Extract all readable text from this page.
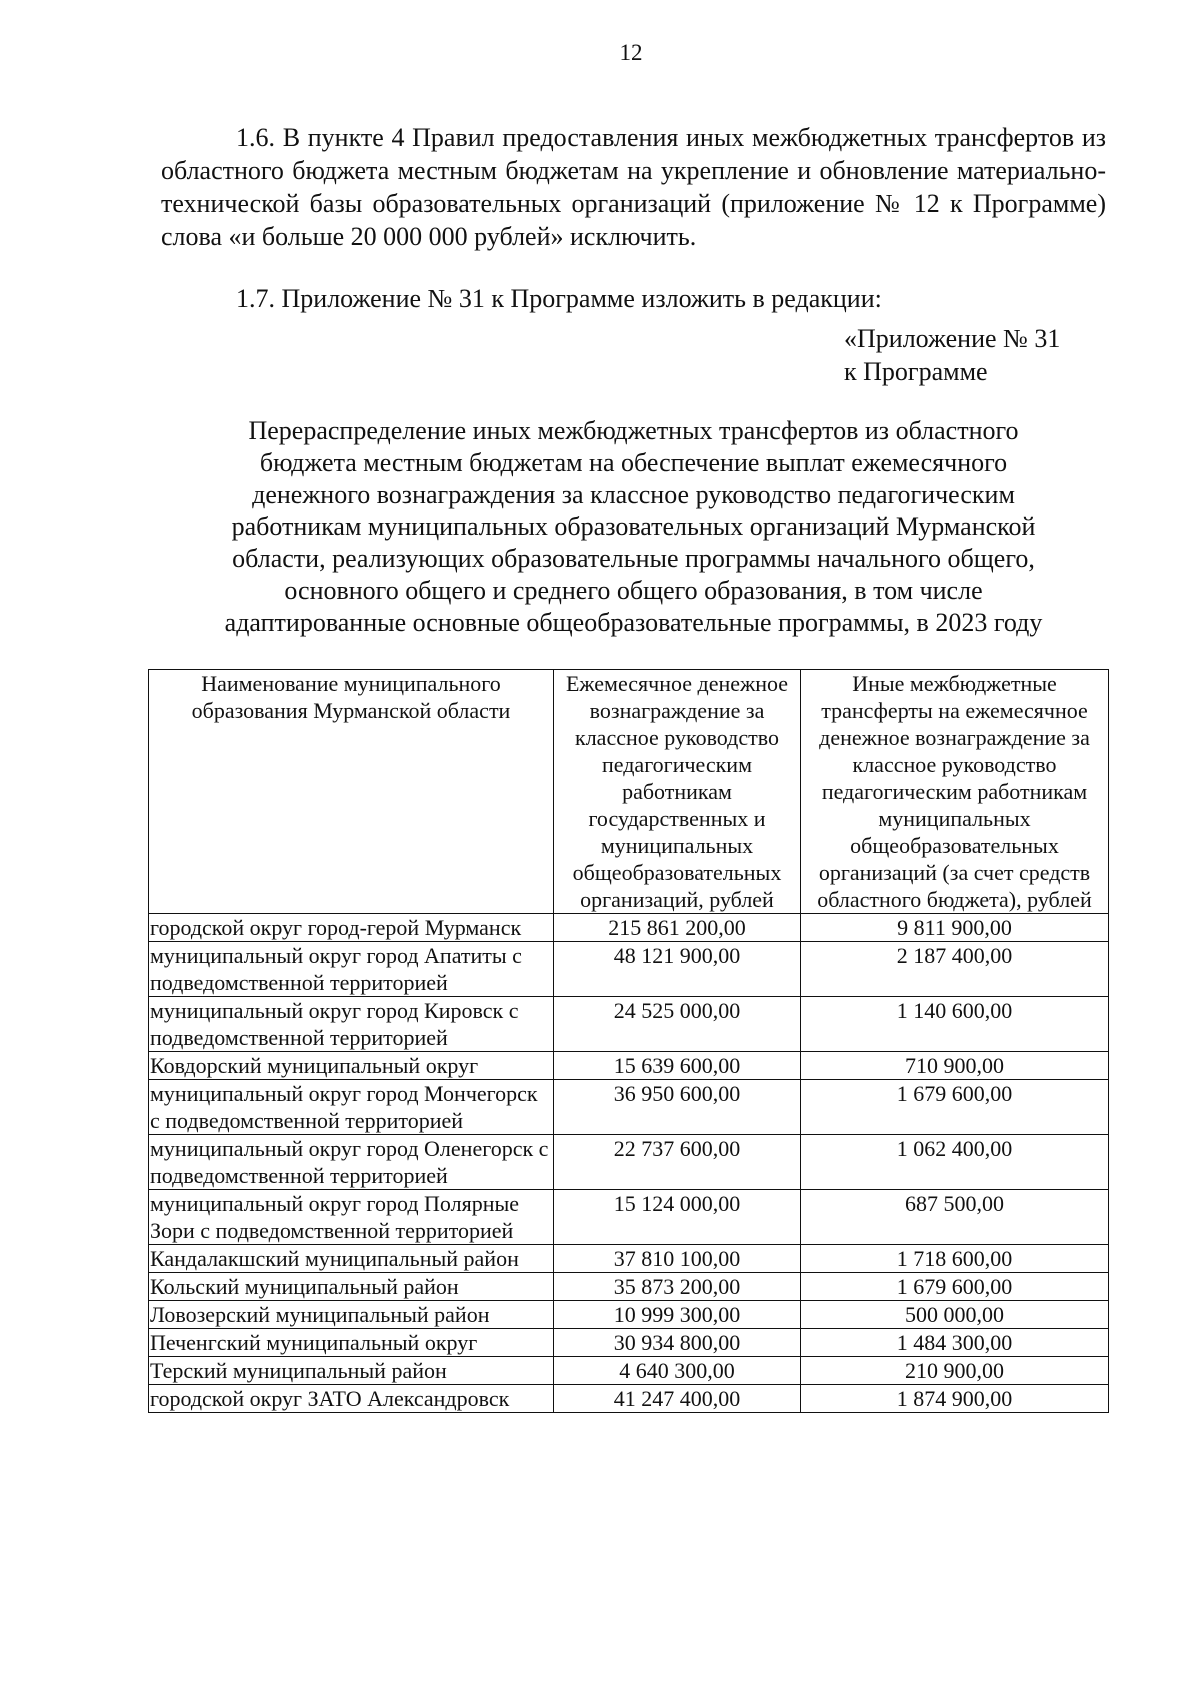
12

1.6. В пункте 4 Правил предоставления иных межбюджетных трансфертов из областного бюджета местным бюджетам на укрепление и обновление материально-технической базы образовательных организаций (приложение № 12 к Программе) слова «и больше 20 000 000 рублей» исключить.

1.7. Приложение № 31 к Программе изложить в редакции:

«Приложение № 31
к Программе
Перераспределение иных межбюджетных трансфертов из областного
бюджета местным бюджетам на обеспечение выплат ежемесячного
денежного вознаграждения за классное руководство педагогическим
работникам муниципальных образовательных организаций Мурманской
области, реализующих образовательные программы начального общего,
основного общего и среднего общего образования, в том числе
адаптированные основные общеобразовательные программы, в 2023 году
Наименование муниципального образования Мурманской области	Ежемесячное денежное вознаграждение за классное руководство педагогическим работникам государственных и муниципальных общеобразовательных организаций, рублей	Иные межбюджетные трансферты на ежемесячное денежное вознаграждение за классное руководство педагогическим работникам муниципальных общеобразовательных организаций (за счет средств областного бюджета), рублей
городской округ город-герой Мурманск	215 861 200,00	9 811 900,00
муниципальный округ город Апатиты с подведомственной территорией	48 121 900,00	2 187 400,00
муниципальный округ город Кировск с подведомственной территорией	24 525 000,00	1 140 600,00
Ковдорский муниципальный округ	15 639 600,00	710 900,00
муниципальный округ город Мончегорск с подведомственной территорией	36 950 600,00	1 679 600,00
муниципальный округ город Оленегорск с подведомственной территорией	22 737 600,00	1 062 400,00
муниципальный округ город Полярные Зори с подведомственной территорией	15 124 000,00	687 500,00
Кандалакшский муниципальный район	37 810 100,00	1 718 600,00
Кольский муниципальный район	35 873 200,00	1 679 600,00
Ловозерский муниципальный район	10 999 300,00	500 000,00
Печенгский муниципальный округ	30 934 800,00	1 484 300,00
Терский муниципальный район	4 640 300,00	210 900,00
городской округ ЗАТО Александровск	41 247 400,00	1 874 900,00
